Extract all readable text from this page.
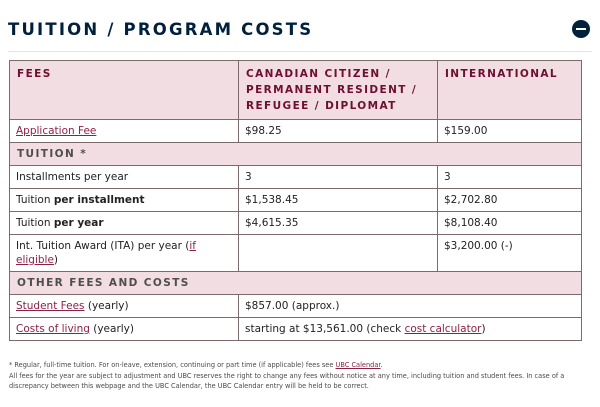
TUITION / PROGRAM COSTS
FEES	CANADIAN CITIZEN / PERMANENT RESIDENT / REFUGEE / DIPLOMAT	INTERNATIONAL
Application Fee	$98.25	$159.00
TUITION *		
Installments per year	3	3
Tuition per installment	$1,538.45	$2,702.80
Tuition per year	$4,615.35	$8,108.40
Int. Tuition Award (ITA) per year (if eligible)		$3,200.00 (-)
OTHER FEES AND COSTS		
Student Fees (yearly)	$857.00 (approx.)	
Costs of living (yearly)	starting at $13,561.00 (check cost calculator)	

* Regular, full-time tuition. For on-leave, extension, continuing or part time (if applicable) fees see UBC Calendar.

All fees for the year are subject to adjustment and UBC reserves the right to change any fees without notice at any time, including tuition and student fees. In case of a discrepancy between this webpage and the UBC Calendar, the UBC Calendar entry will be held to be correct.
